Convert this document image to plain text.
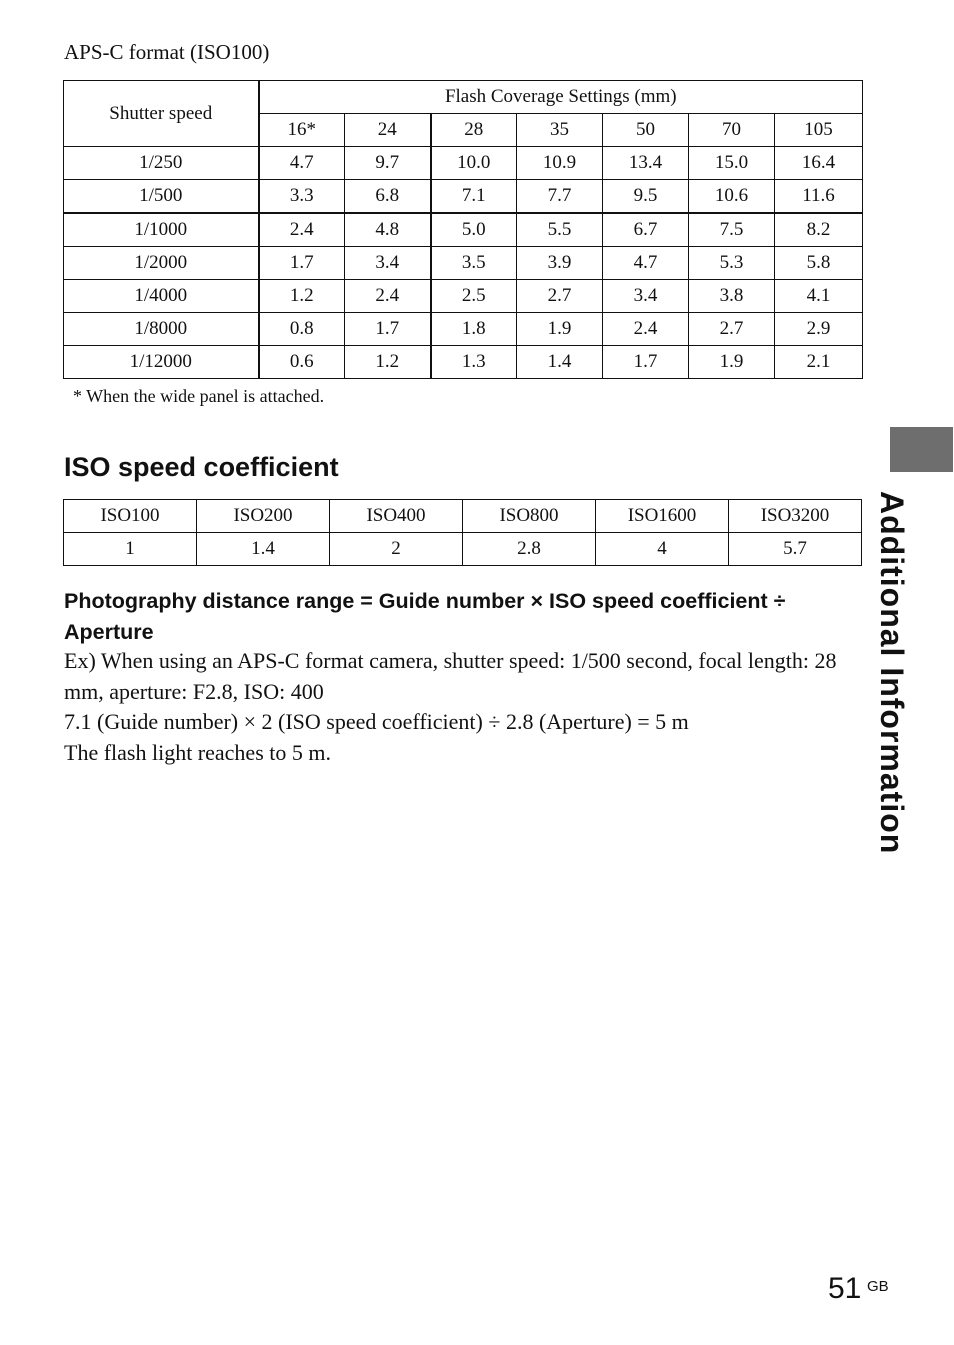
APS-C format (ISO100)
Shutter speed	Flash Coverage Settings (mm)						
	16*	24	28	35	50	70	105
1/250	4.7	9.7	10.0	10.9	13.4	15.0	16.4
1/500	3.3	6.8	7.1	7.7	9.5	10.6	11.6
1/1000	2.4	4.8	5.0	5.5	6.7	7.5	8.2
1/2000	1.7	3.4	3.5	3.9	4.7	5.3	5.8
1/4000	1.2	2.4	2.5	2.7	3.4	3.8	4.1
1/8000	0.8	1.7	1.8	1.9	2.4	2.7	2.9
1/12000	0.6	1.2	1.3	1.4	1.7	1.9	2.1
* When the wide panel is attached.
ISO speed coefficient
ISO100	ISO200	ISO400	ISO800	ISO1600	ISO3200
1	1.4	2	2.8	4	5.7
Photography distance range = Guide number × ISO speed coefficient ÷ Aperture

Ex) When using an APS-C format camera, shutter speed: 1/500 second, focal length: 28 mm, aperture: F2.8, ISO: 400

7.1 (Guide number) × 2 (ISO speed coefficient) ÷ 2.8 (Aperture) = 5 m

The flash light reaches to 5 m.	Additional Information
51 GB
